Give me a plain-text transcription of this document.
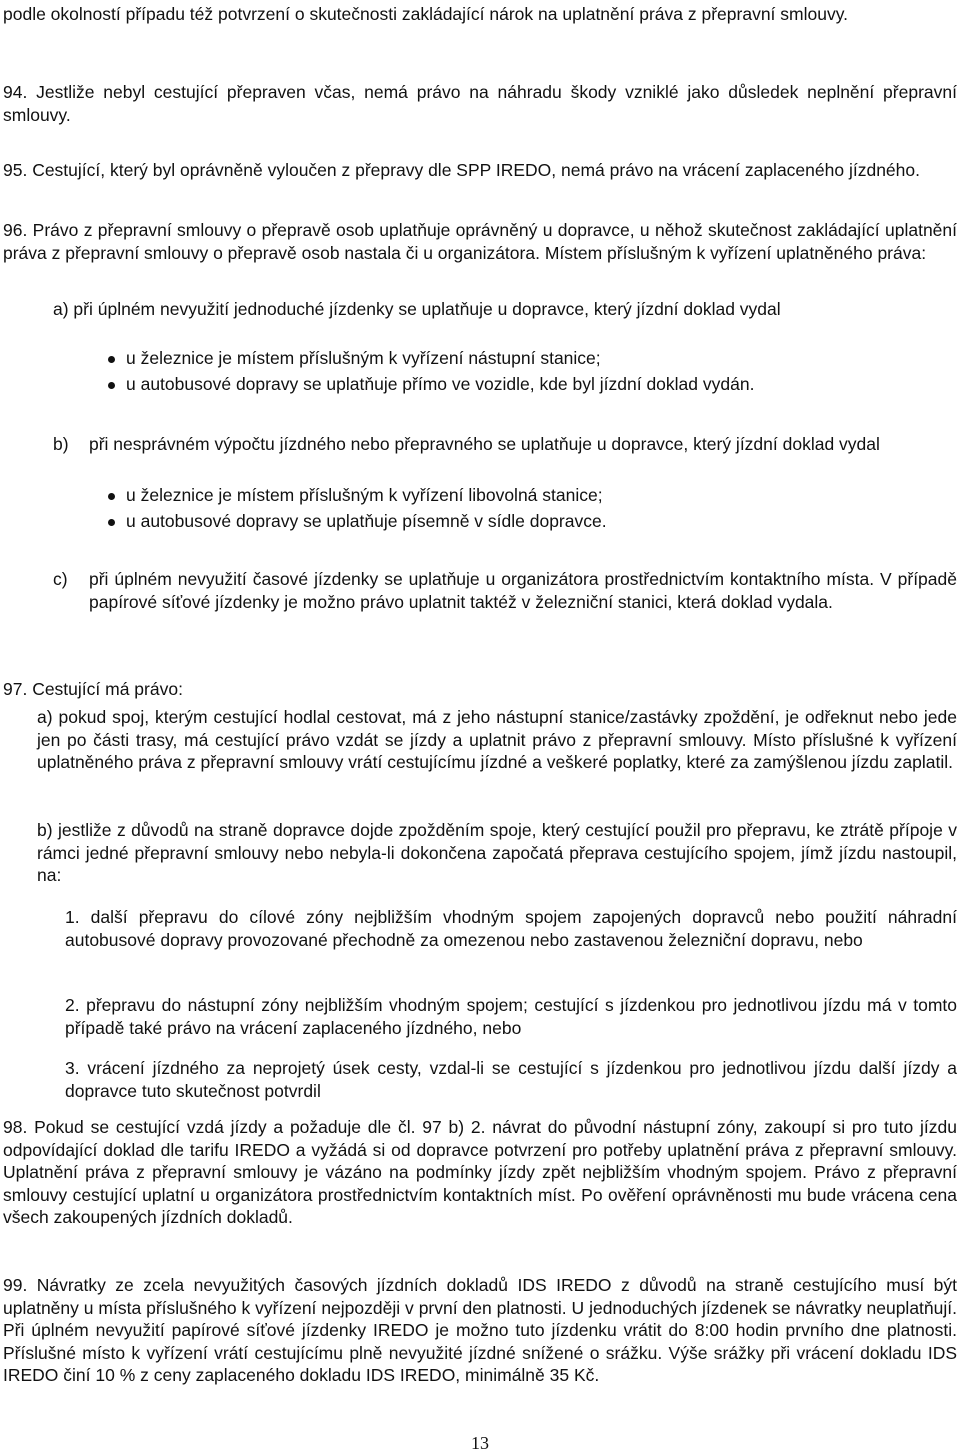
podle okolností případu též potvrzení o skutečnosti zakládající nárok na uplatnění práva z přepravní smlouvy.

94. Jestliže nebyl cestující přepraven včas, nemá právo na náhradu škody vzniklé jako důsledek neplnění přepravní smlouvy.

95. Cestující, který byl oprávněně vyloučen z přepravy dle SPP IREDO, nemá právo na vrácení zaplaceného jízdného.

96. Právo z přepravní smlouvy o přepravě osob uplatňuje oprávněný u dopravce, u něhož skutečnost zakládající uplatnění práva z přepravní smlouvy o přepravě osob nastala či u organizátora. Místem příslušným k vyřízení uplatněného práva:

a) při úplném nevyužití jednoduché jízdenky se uplatňuje u dopravce, který jízdní doklad vydal

u železnice je místem příslušným k vyřízení nástupní stanice;

u autobusové dopravy se uplatňuje přímo ve vozidle, kde byl jízdní doklad vydán.

b) při nesprávném výpočtu jízdného nebo přepravného se uplatňuje u dopravce, který jízdní doklad vydal

u železnice je místem příslušným k vyřízení libovolná stanice;

u autobusové dopravy se uplatňuje písemně v sídle dopravce.

c) při úplném nevyužití časové jízdenky se uplatňuje u organizátora prostřednictvím kontaktního místa. V případě papírové síťové jízdenky je možno právo uplatnit taktéž v železniční stanici, která doklad vydala.

97. Cestující má právo:

a) pokud spoj, kterým cestující hodlal cestovat, má z jeho nástupní stanice/zastávky zpoždění, je odřeknut nebo jede jen po části trasy, má cestující právo vzdát se jízdy a uplatnit právo z přepravní smlouvy. Místo příslušné k vyřízení uplatněného práva z přepravní smlouvy vrátí cestujícímu jízdné a veškeré poplatky, které za zamýšlenou jízdu zaplatil.

b) jestliže z důvodů na straně dopravce dojde zpožděním spoje, který cestující použil pro přepravu, ke ztrátě přípoje v rámci jedné přepravní smlouvy nebo nebyla-li dokončena započatá přeprava cestujícího spojem, jímž jízdu nastoupil, na:

1. další přepravu do cílové zóny nejbližším vhodným spojem zapojených dopravců nebo použití náhradní autobusové dopravy provozované přechodně za omezenou nebo zastavenou železniční dopravu, nebo

2. přepravu do nástupní zóny nejbližším vhodným spojem; cestující s jízdenkou pro jednotlivou jízdu má v tomto případě také právo na vrácení zaplaceného jízdného, nebo

3. vrácení jízdného za neprojetý úsek cesty, vzdal-li se cestující s jízdenkou pro jednotlivou jízdu další jízdy a dopravce tuto skutečnost potvrdil

98. Pokud se cestující vzdá jízdy a požaduje dle čl. 97 b) 2. návrat do původní nástupní zóny, zakoupí si pro tuto jízdu odpovídající doklad dle tarifu IREDO a vyžádá si od dopravce potvrzení pro potřeby uplatnění práva z přepravní smlouvy. Uplatnění práva z přepravní smlouvy je vázáno na podmínky jízdy zpět nejbližším vhodným spojem. Právo z přepravní smlouvy cestující uplatní u organizátora prostřednictvím kontaktních míst. Po ověření oprávněnosti mu bude vrácena cena všech zakoupených jízdních dokladů.

99. Návratky ze zcela nevyužitých časových jízdních dokladů IDS IREDO z důvodů na straně cestujícího musí být uplatněny u místa příslušného k vyřízení nejpozději v první den platnosti. U jednoduchých jízdenek se návratky neuplatňují. Při úplném nevyužití papírové síťové jízdenky IREDO je možno tuto jízdenku vrátit do 8:00 hodin prvního dne platnosti. Příslušné místo k vyřízení vrátí cestujícímu plně nevyužité jízdné snížené o srážku. Výše srážky při vrácení dokladu IDS IREDO činí 10 % z ceny zaplaceného dokladu IDS IREDO, minimálně 35 Kč.

13
